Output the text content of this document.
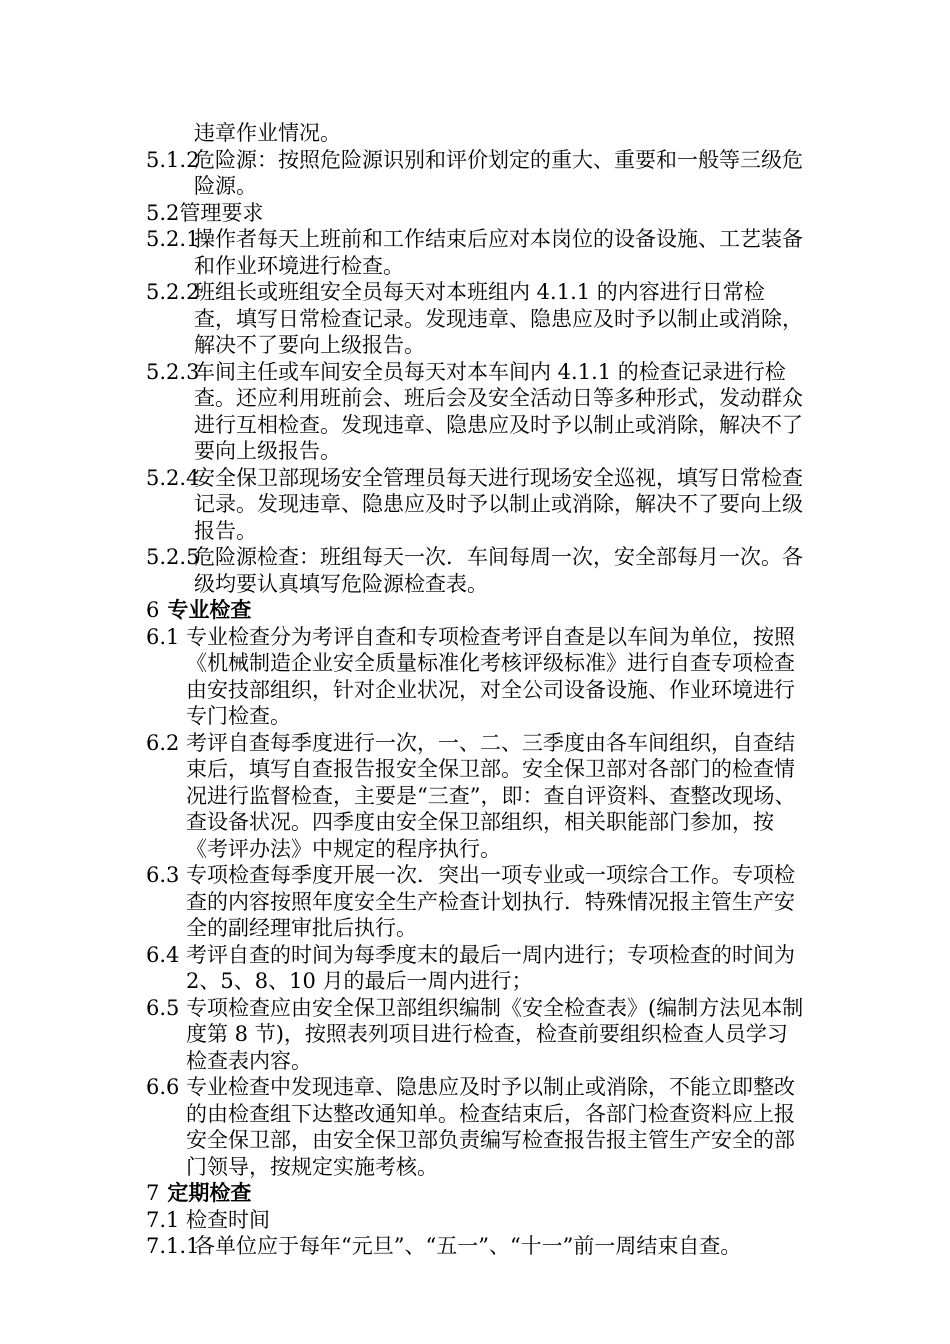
违章作业情况。

5.1.2
危险源：按照危险源识别和评价划定的重大、重要和一般等三级危险源。

5.2管理要求

5.2.1
操作者每天上班前和工作结束后应对本岗位的设备设施、工艺装备和作业环境进行检查。

5.2.2
班组长或班组安全员每天对本班组内 4.1.1 的内容进行日常检查，填写日常检查记录。发现违章、隐患应及时予以制止或消除，解决不了要向上级报告。

5.2.3
车间主任或车间安全员每天对本车间内 4.1.1 的检查记录进行检查。还应利用班前会、班后会及安全活动日等多种形式，发动群众进行互相检查。发现违章、隐患应及时予以制止或消除，解决不了要向上级报告。

5.2.4
安全保卫部现场安全管理员每天进行现场安全巡视，填写日常检查记录。发现违章、隐患应及时予以制止或消除，解决不了要向上级报告。

5.2.5
危险源检查：班组每天一次．车间每周一次，安全部每月一次。各级均要认真填写危险源检查表。

6 专业检查

6.1 专业检查分为考评自查和专项检查考评自查是以车间为单位，按照《机械制造企业安全质量标准化考核评级标准》进行自查专项检查由安技部组织，针对企业状况，对全公司设备设施、作业环境进行专门检查。

6.2 考评自查每季度进行一次，一、二、三季度由各车间组织，自查结束后，填写自查报告报安全保卫部。安全保卫部对各部门的检查情况进行监督检查，主要是“三查”，即：查自评资料、查整改现场、查设备状况。四季度由安全保卫部组织，相关职能部门参加，按《考评办法》中规定的程序执行。

6.3 专项检查每季度开展一次．突出一项专业或一项综合工作。专项检查的内容按照年度安全生产检查计划执行．特殊情况报主管生产安全的副经理审批后执行。

6.4 考评自查的时间为每季度末的最后一周内进行；专项检查的时间为 2、5、8、10 月的最后一周内进行；

6.5 专项检查应由安全保卫部组织编制《安全检查表》(编制方法见本制度第 8 节)，按照表列项目进行检查，检查前要组织检查人员学习检查表内容。

6.6 专业检查中发现违章、隐患应及时予以制止或消除，不能立即整改的由检查组下达整改通知单。检查结束后，各部门检查资料应上报安全保卫部，由安全保卫部负责编写检查报告报主管生产安全的部门领导，按规定实施考核。

7 定期检查

7.1 检查时间

7.1.1
各单位应于每年“元旦”、“五一”、“十一”前一周结束自查。
